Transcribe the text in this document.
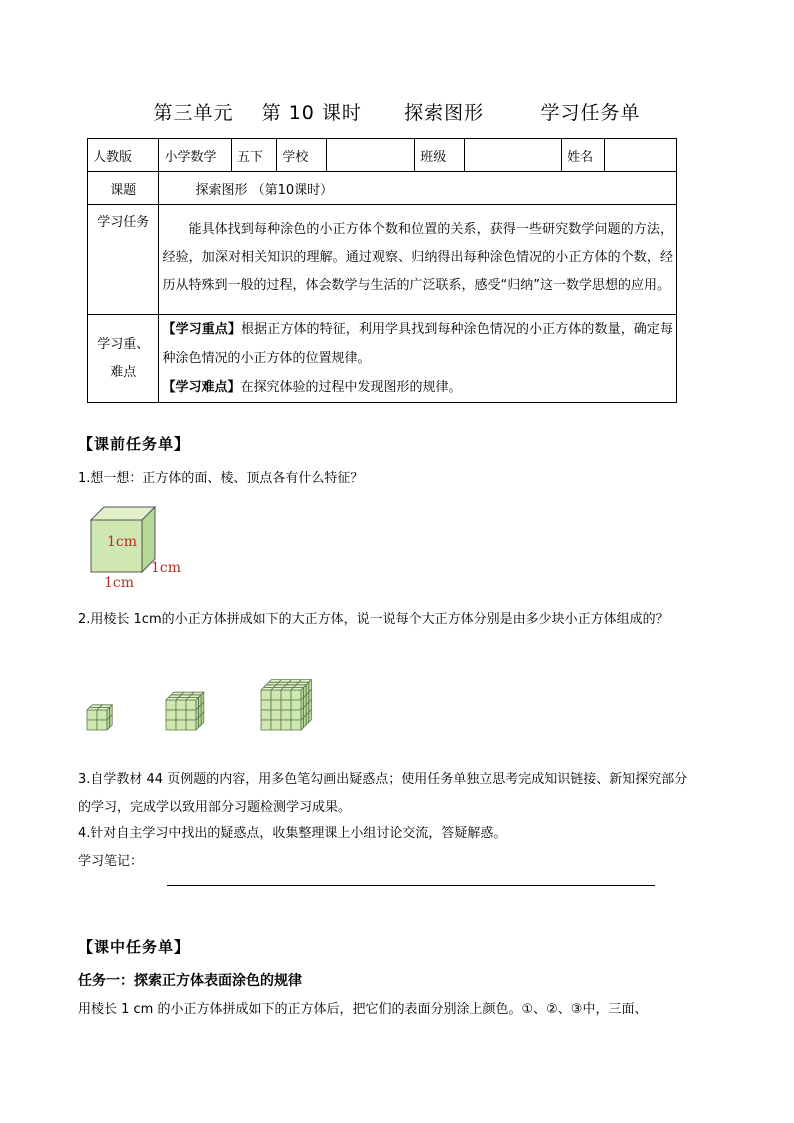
第三单元    第 10 课时      探索图形        学习任务单
人教版	小学数学	五下	学校		班级		姓名	
课题	探索图形 （第10课时）							
学习任务	能具体找到每种涂色的小正方体个数和位置的关系，获得一些研究数学问题的方法，经验，加深对相关知识的理解。通过观察、归纳得出每种涂色情况的小正方体的个数，经历从特殊到一般的过程，体会数学与生活的广泛联系，感受“归纳”这一数学思想的应用。							

学习重、难点	【学习重点】根据正方体的特征，利用学具找到每种涂色情况的小正方体的数量，确定每种涂色情况的小正方体的位置规律。
【学习难点】在探究体验的过程中发现图形的规律。							
【课前任务单】
1.想一想：正方体的面、棱、顶点各有什么特征？
1cm
1cm
1cm
2.用棱长 1cm的小正方体拼成如下的大正方体，说一说每个大正方体分别是由多少块小正方体组成的？
3.自学教材 44 页例题的内容，用多色笔勾画出疑惑点；使用任务单独立思考完成知识链接、新知探究部分的学习，完成学以致用部分习题检测学习成果。
4.针对自主学习中找出的疑惑点，收集整理课上小组讨论交流，答疑解惑。
学习笔记：
【课中任务单】
任务一：探索正方体表面涂色的规律
用棱长 1 cm 的小正方体拼成如下的正方体后，把它们的表面分别涂上颜色。①、②、③中，三面、
